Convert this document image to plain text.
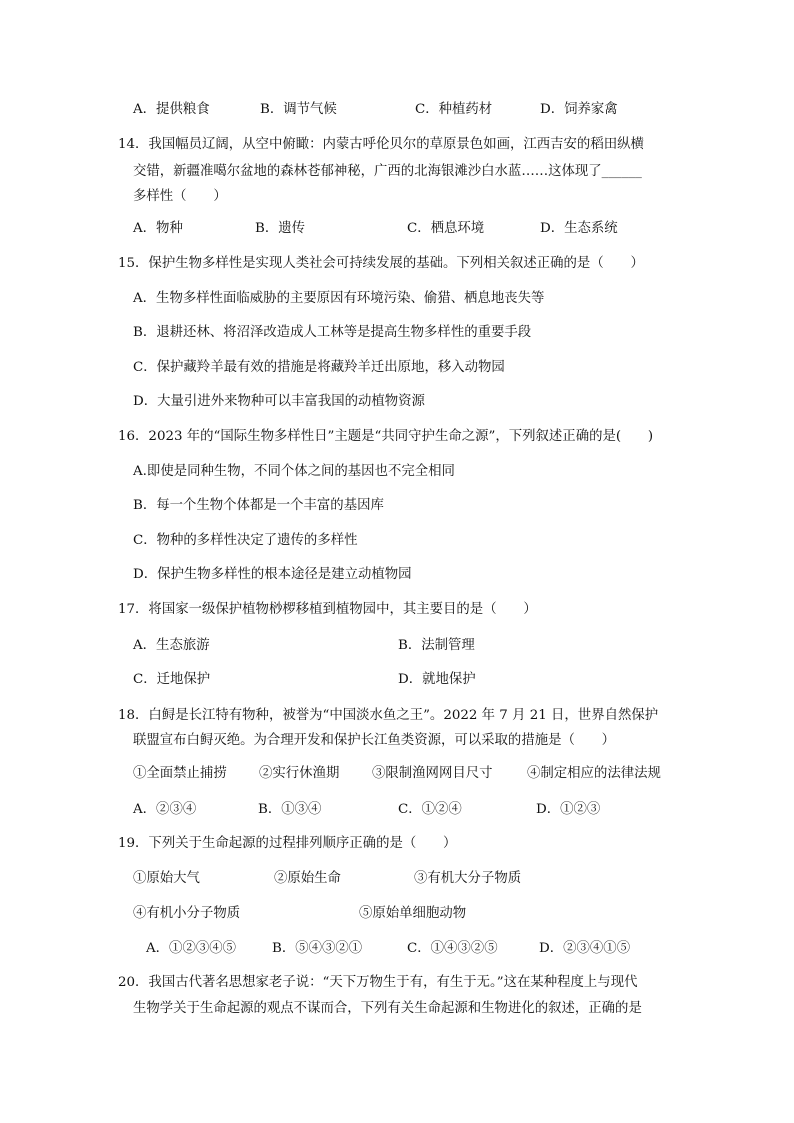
A．提供粮食	B．调节气候	C．种植药材	D．饲养家禽
14．我国幅员辽阔，从空中俯瞰：内蒙古呼伦贝尔的草原景色如画，江西吉安的稻田纵横
交错，新疆准噶尔盆地的森林苍郁神秘，广西的北海银滩沙白水蓝……这体现了______
多样性（　　）
A．物种	B．遗传	C．栖息环境	D．生态系统
15．保护生物多样性是实现人类社会可持续发展的基础。下列相关叙述正确的是（　　）
A．生物多样性面临威胁的主要原因有环境污染、偷猎、栖息地丧失等
B．退耕还林、将沼泽改造成人工林等是提高生物多样性的重要手段
C．保护藏羚羊最有效的措施是将藏羚羊迁出原地，移入动物园
D．大量引进外来物种可以丰富我国的动植物资源
16．2023 年的“国际生物多样性日”主题是“共同守护生命之源”，下列叙述正确的是(　　)
A.即使是同种生物，不同个体之间的基因也不完全相同
B．每一个生物个体都是一个丰富的基因库
C．物种的多样性决定了遗传的多样性
D．保护生物多样性的根本途径是建立动植物园
17．将国家一级保护植物桫椤移植到植物园中，其主要目的是（　　）
A．生态旅游	B．法制管理
C．迁地保护	D．就地保护
18．白鲟是长江特有物种，被誉为“中国淡水鱼之王”。2022 年 7 月 21 日，世界自然保护
联盟宣布白鲟灭绝。为合理开发和保护长江鱼类资源，可以采取的措施是（　　）
①全面禁止捕捞 ②实行休渔期 ③限制渔网网目尺寸	④制定相应的法律法规
A．②③④	B．①③④	C．①②④	D．①②③
19．下列关于生命起源的过程排列顺序正确的是（　　）
①原始大气	②原始生命	③有机大分子物质
④有机小分子物质	⑤原始单细胞动物
A．①②③④⑤	B．⑤④③②①	C．①④③②⑤	D．②③④①⑤
20．我国古代著名思想家老子说：“天下万物生于有，有生于无。”这在某种程度上与现代
生物学关于生命起源的观点不谋而合，下列有关生命起源和生物进化的叙述，正确的是
